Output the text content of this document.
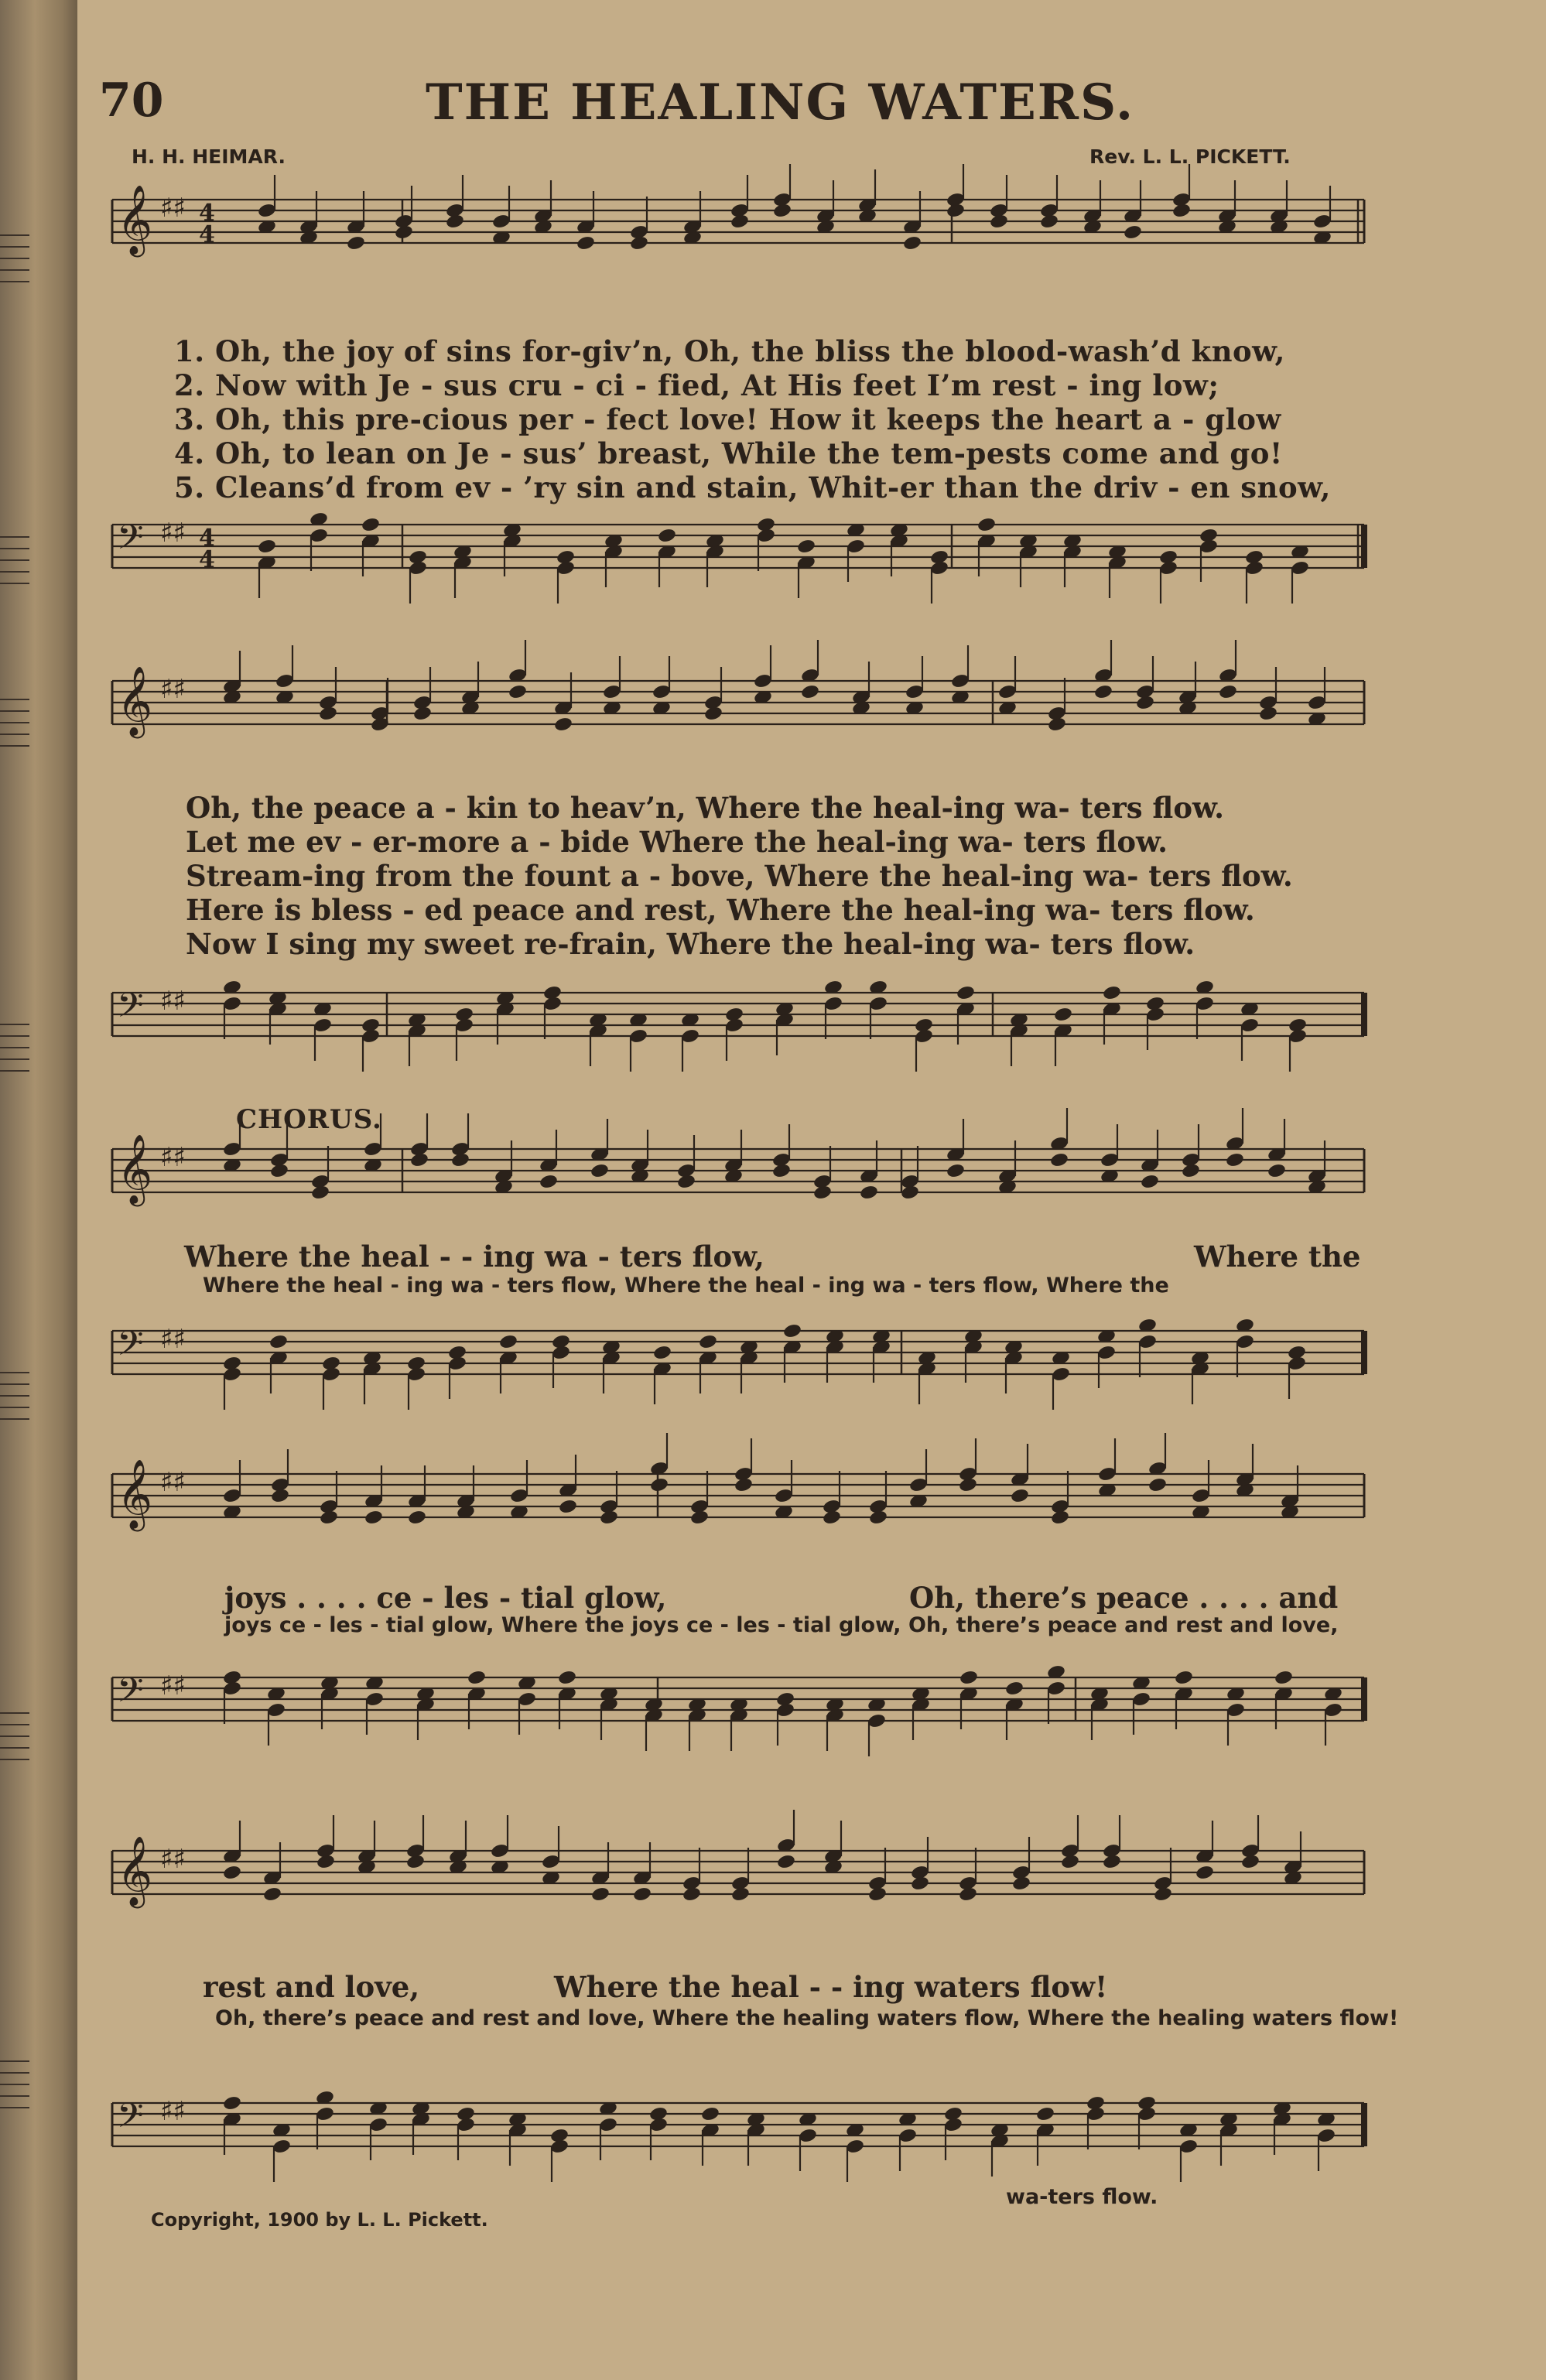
𝄞 ♯♯ 4
4
𝄢 ♯♯ 4
4
𝄞 ♯♯
𝄢 ♯♯
𝄞 ♯♯
𝄢 ♯♯
𝄞 ♯♯
𝄢 ♯♯
𝄞 ♯♯
𝄢 ♯♯
70	THE HEALING WATERS.
H. H. HEIMAR.	Rev. L. L. PICKETT.
1. Oh, the joy of sins for-giv’n, Oh, the bliss the blood-wash’d know,
2. Now with Je - sus cru - ci - fied, At His feet I’m rest - ing low;
3. Oh, this pre-cious per - fect love! How it keeps the heart a - glow
4. Oh, to lean on Je - sus’ breast, While the tem-pests come and go!
5. Cleans’d from ev - ’ry sin and stain, Whit-er than the driv - en snow,
Oh, the peace a - kin to heav’n, Where the heal-ing wa- ters flow.
Let me ev - er-more a - bide Where the heal-ing wa- ters flow.
Stream-ing from the fount a - bove, Where the heal-ing wa- ters flow.
Here is bless - ed peace and rest, Where the heal-ing wa- ters flow.
Now I sing my sweet re-frain, Where the heal-ing wa- ters flow.
CHORUS.
Where the heal - - ing wa - ters flow,	Where the
Where the heal - ing wa - ters flow, Where the heal - ing wa - ters flow, Where the
joys . . . . ce - les - tial glow,	Oh, there’s peace . . . . and
joys ce - les - tial glow, Where the joys ce - les - tial glow, Oh, there’s peace and rest and love,
rest and love,	Where the heal - - ing waters flow!
Oh, there’s peace and rest and love, Where the healing waters flow, Where the healing waters flow!
wa-ters flow.
Copyright, 1900 by L. L. Pickett.
